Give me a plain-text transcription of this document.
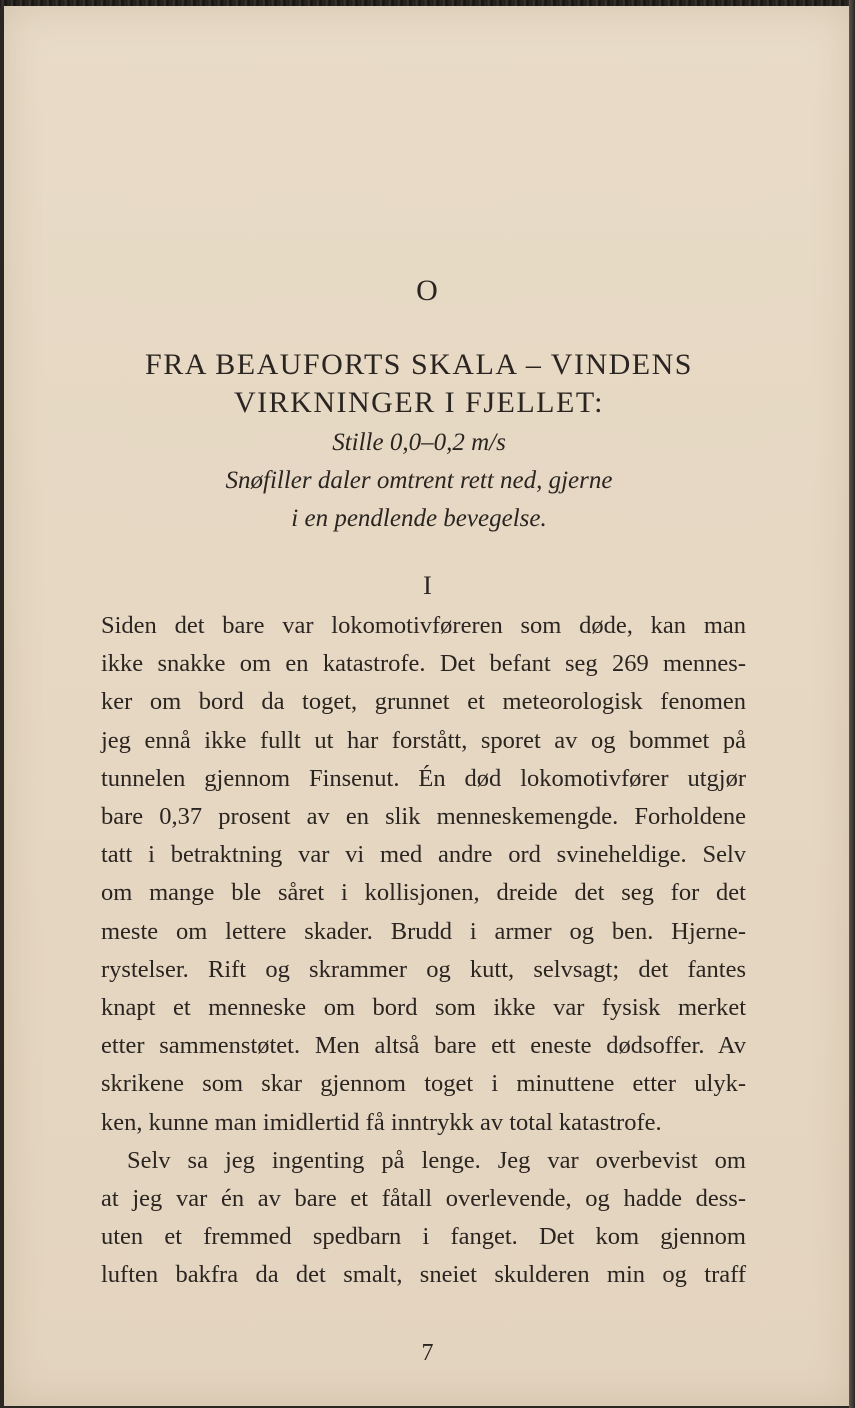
O
FRA BEAUFORTS SKALA – VINDENS
VIRKNINGER I FJELLET:
Stille 0,0–0,2 m/s
Snøfiller daler omtrent rett ned, gjerne
i en pendlende bevegelse.
I
Siden det bare var lokomotivføreren som døde, kan man
ikke snakke om en katastrofe. Det befant seg 269 mennes-
ker om bord da toget, grunnet et meteorologisk fenomen
jeg ennå ikke fullt ut har forstått, sporet av og bommet på
tunnelen gjennom Finsenut. Én død lokomotivfører utgjør
bare 0,37 prosent av en slik menneskemengde. Forholdene
tatt i betraktning var vi med andre ord svineheldige. Selv
om mange ble såret i kollisjonen, dreide det seg for det
meste om lettere skader. Brudd i armer og ben. Hjerne-
rystelser. Rift og skrammer og kutt, selvsagt; det fantes
knapt et menneske om bord som ikke var fysisk merket
etter sammenstøtet. Men altså bare ett eneste dødsoffer. Av
skrikene som skar gjennom toget i minuttene etter ulyk-
ken, kunne man imidlertid få inntrykk av total katastrofe.
Selv sa jeg ingenting på lenge. Jeg var overbevist om
at jeg var én av bare et fåtall overlevende, og hadde dess-
uten et fremmed spedbarn i fanget. Det kom gjennom
luften bakfra da det smalt, sneiet skulderen min og traff
7
